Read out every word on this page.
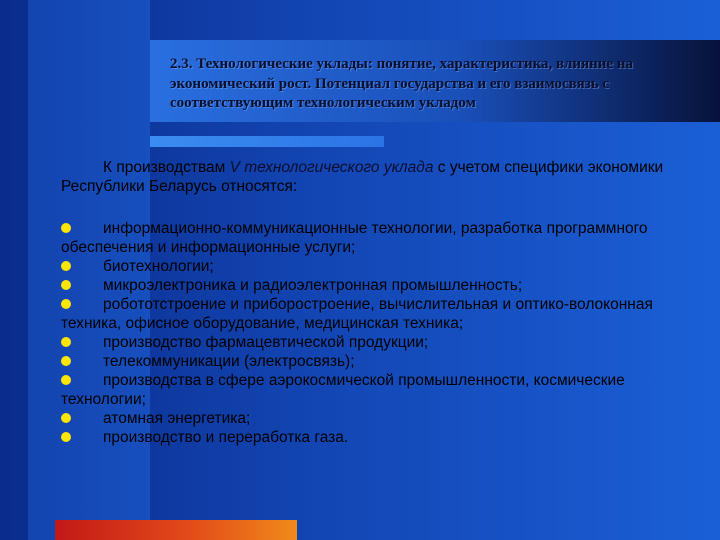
2.3. Технологические уклады: понятие, характеристика, влияние на экономический рост. Потенциал государства и его взаимосвязь с соответствующим технологическим укладом

К производствам V технологического уклада с учетом специфики экономики Республики Беларусь относятся:

информационно-коммуникационные технологии, разработка программного обеспечения и информационные услуги;
биотехнологии;
микроэлектроника и радиоэлектронная промышленность;
робототстроение и приборостроение, вычислительная и оптико-волоконная техника, офисное оборудование, медицинская техника;
производство фармацевтической продукции;
телекоммуникации (электросвязь);
производства в сфере аэрокосмической промышленности, космические технологии;
атомная энергетика;
производство и переработка газа.
